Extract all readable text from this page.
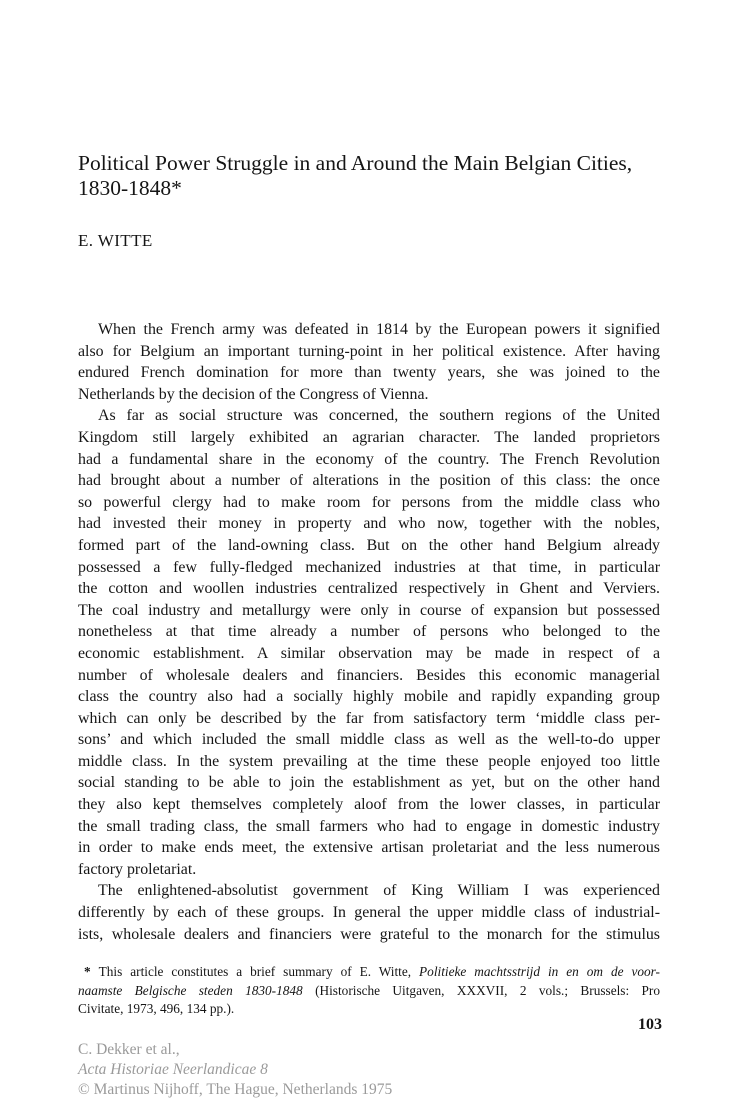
Political Power Struggle in and Around the Main Belgian Cities,
1830-1848*
E. WITTE
When the French army was defeated in 1814 by the European powers it signified
also for Belgium an important turning-point in her political existence. After having
endured French domination for more than twenty years, she was joined to the
Netherlands by the decision of the Congress of Vienna.
As far as social structure was concerned, the southern regions of the United
Kingdom still largely exhibited an agrarian character. The landed proprietors
had a fundamental share in the economy of the country. The French Revolution
had brought about a number of alterations in the position of this class: the once
so powerful clergy had to make room for persons from the middle class who
had invested their money in property and who now, together with the nobles,
formed part of the land-owning class. But on the other hand Belgium already
possessed a few fully-fledged mechanized industries at that time, in particular
the cotton and woollen industries centralized respectively in Ghent and Verviers.
The coal industry and metallurgy were only in course of expansion but possessed
nonetheless at that time already a number of persons who belonged to the
economic establishment. A similar observation may be made in respect of a
number of wholesale dealers and financiers. Besides this economic managerial
class the country also had a socially highly mobile and rapidly expanding group
which can only be described by the far from satisfactory term ‘middle class per-
sons’ and which included the small middle class as well as the well-to-do upper
middle class. In the system prevailing at the time these people enjoyed too little
social standing to be able to join the establishment as yet, but on the other hand
they also kept themselves completely aloof from the lower classes, in particular
the small trading class, the small farmers who had to engage in domestic industry
in order to make ends meet, the extensive artisan proletariat and the less numerous
factory proletariat.
The enlightened-absolutist government of King William I was experienced
differently by each of these groups. In general the upper middle class of industrial-
ists, wholesale dealers and financiers were grateful to the monarch for the stimulus
* This article constitutes a brief summary of E. Witte, Politieke machtsstrijd in en om de voor-
naamste Belgische steden 1830-1848 (Historische Uitgaven, XXXVII, 2 vols.; Brussels: Pro
Civitate, 1973, 496, 134 pp.).
103
C. Dekker et al.,
Acta Historiae Neerlandicae 8
© Martinus Nijhoff, The Hague, Netherlands 1975
